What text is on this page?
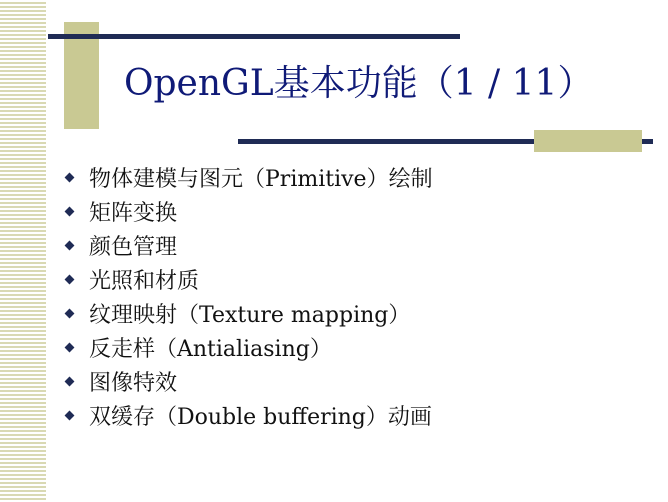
OpenGL基本功能（1 / 11）
物体建模与图元（Primitive）绘制
矩阵变换
颜色管理
光照和材质
纹理映射（Texture mapping）
反走样（Antialiasing）
图像特效
双缓存（Double buffering）动画
